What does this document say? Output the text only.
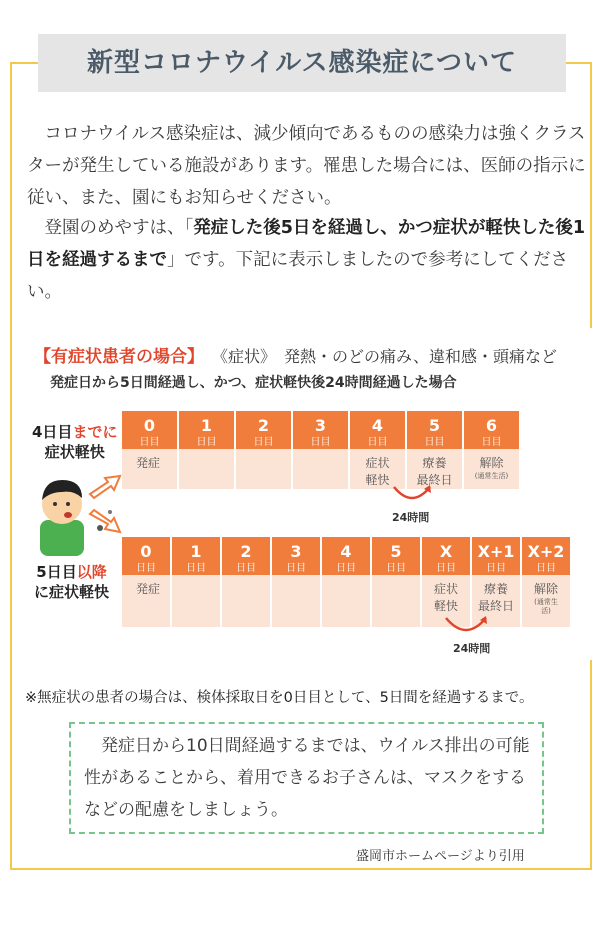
新型コロナウイルス感染症について

　コロナウイルス感染症は、減少傾向であるものの感染力は強くクラスターが発生している施設があります。罹患した場合には、医師の指示に従い、また、園にもお知らせください。

　登園のめやすは、「発症した後5日を経過し、かつ症状が軽快した後1日を経過するまで」です。下記に表示しましたので参考にしてください。

【有症状患者の場合】 《症状》　発熱・のどの痛み、違和感・頭痛など
発症日から5日間経過し、かつ、症状軽快後24時間経過した場合
4日目までに
症状軽快
5日目以降
に症状軽快
0
日目
1
日目
2
日目
3
日目
4
日目
5
日目
6
日目
発症	症状
軽快
療養
最終日
解除
(通常生活)
24時間
0
日目
1
日目
2
日目
3
日目
4
日目
5
日目
X
日目
X+1
日目
X+2
日目
発症	症状
軽快
療養
最終日
解除
(通常生
活)
24時間
※無症状の患者の場合は、検体採取日を0日目として、5日間を経過するまで。

　発症日から10日間経過するまでは、ウイルス排出の可能性があることから、着用できるお子さんは、マスクをするなどの配慮をしましょう。

盛岡市ホームページより引用
